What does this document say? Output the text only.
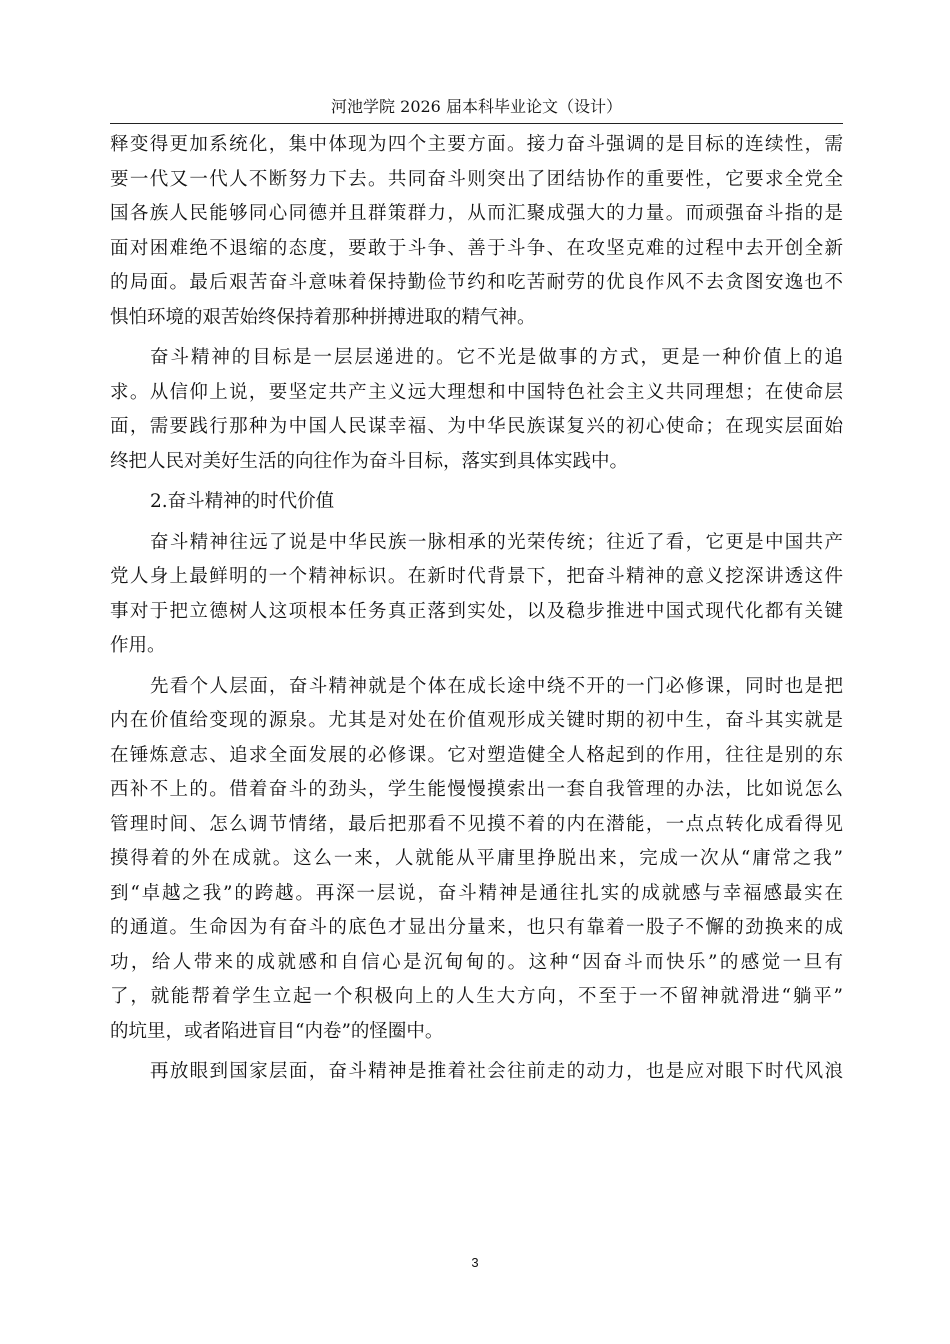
河池学院 2026 届本科毕业论文（设计）
释变得更加系统化，集中体现为四个主要方面。接力奋斗强调的是目标的连续性，需
要一代又一代人不断努力下去。共同奋斗则突出了团结协作的重要性，它要求全党全
国各族人民能够同心同德并且群策群力，从而汇聚成强大的力量。而顽强奋斗指的是
面对困难绝不退缩的态度，要敢于斗争、善于斗争、在攻坚克难的过程中去开创全新
的局面。最后艰苦奋斗意味着保持勤俭节约和吃苦耐劳的优良作风不去贪图安逸也不
惧怕环境的艰苦始终保持着那种拼搏进取的精气神。
奋斗精神的目标是一层层递进的。它不光是做事的方式，更是一种价值上的追
求。从信仰上说，要坚定共产主义远大理想和中国特色社会主义共同理想；在使命层
面，需要践行那种为中国人民谋幸福、为中华民族谋复兴的初心使命；在现实层面始
终把人民对美好生活的向往作为奋斗目标，落实到具体实践中。
2.奋斗精神的时代价值
奋斗精神往远了说是中华民族一脉相承的光荣传统；往近了看，它更是中国共产
党人身上最鲜明的一个精神标识。在新时代背景下，把奋斗精神的意义挖深讲透这件
事对于把立德树人这项根本任务真正落到实处，以及稳步推进中国式现代化都有关键
作用。
先看个人层面，奋斗精神就是个体在成长途中绕不开的一门必修课，同时也是把
内在价值给变现的源泉。尤其是对处在价值观形成关键时期的初中生，奋斗其实就是
在锤炼意志、追求全面发展的必修课。它对塑造健全人格起到的作用，往往是别的东
西补不上的。借着奋斗的劲头，学生能慢慢摸索出一套自我管理的办法，比如说怎么
管理时间、怎么调节情绪，最后把那看不见摸不着的内在潜能，一点点转化成看得见
摸得着的外在成就。这么一来，人就能从平庸里挣脱出来，完成一次从“庸常之我”
到“卓越之我”的跨越。再深一层说，奋斗精神是通往扎实的成就感与幸福感最实在
的通道。生命因为有奋斗的底色才显出分量来，也只有靠着一股子不懈的劲换来的成
功，给人带来的成就感和自信心是沉甸甸的。这种“因奋斗而快乐”的感觉一旦有
了，就能帮着学生立起一个积极向上的人生大方向，不至于一不留神就滑进“躺平”
的坑里，或者陷进盲目“内卷”的怪圈中。
再放眼到国家层面，奋斗精神是推着社会往前走的动力，也是应对眼下时代风浪
3
